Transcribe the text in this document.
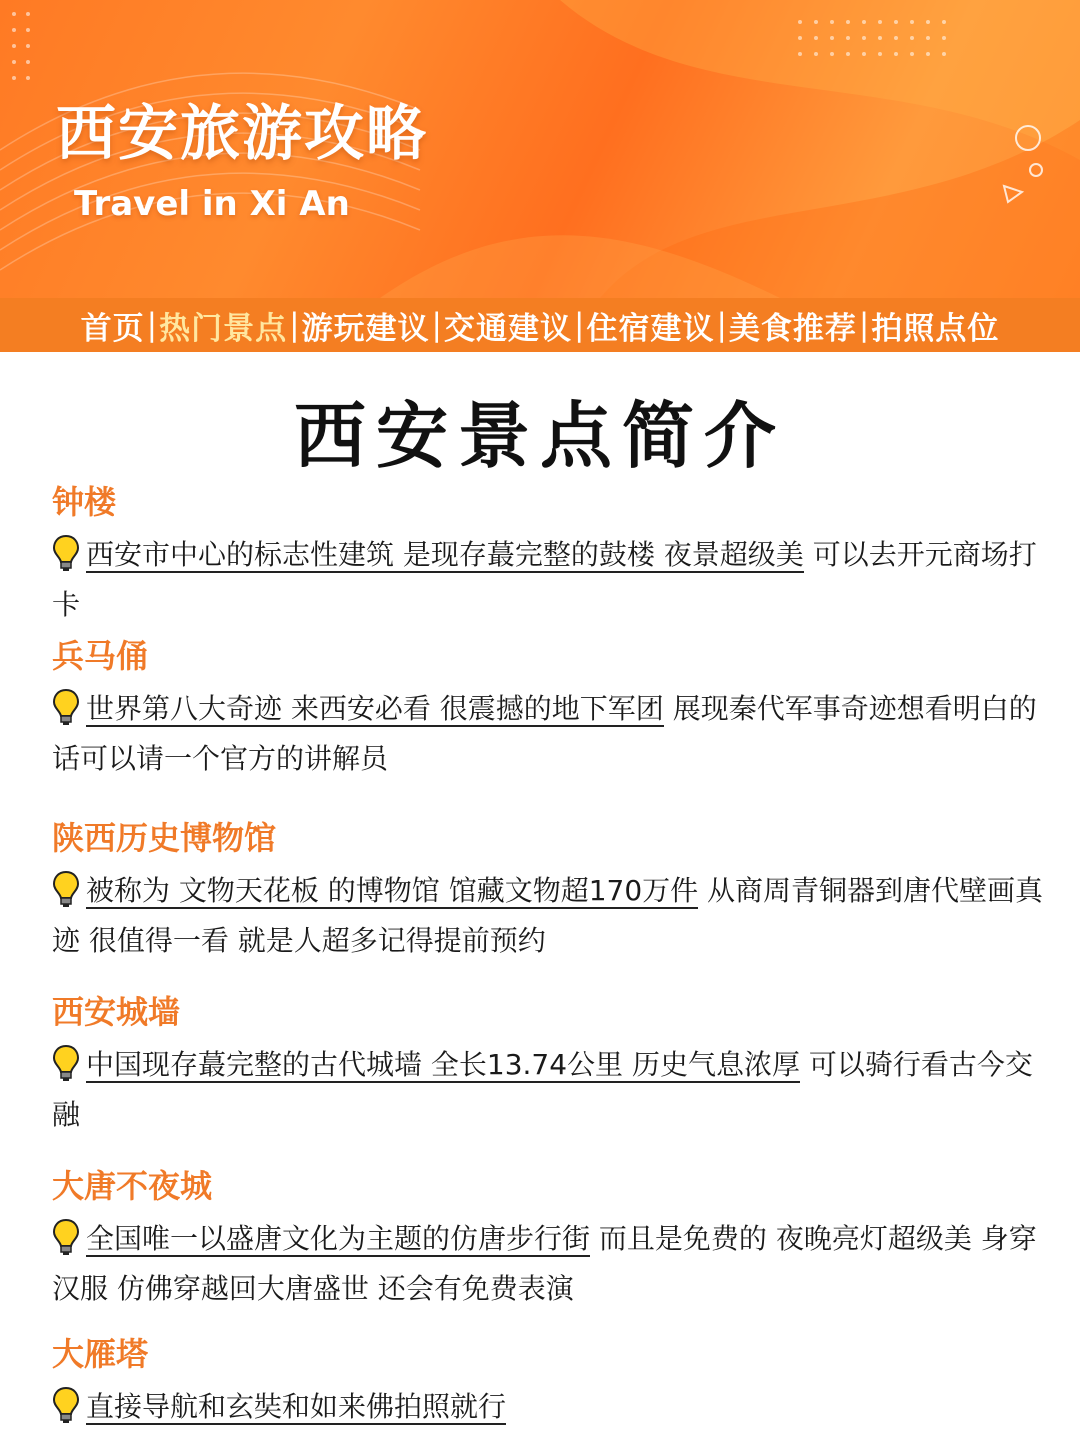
西安旅游攻略
Travel in Xi An
首页 | 热门景点 | 游玩建议 | 交通建议 | 住宿建议 | 美食推荐 | 拍照点位
西安景点简介
钟楼

西安市中心的标志性建筑 是现存蕞完整的鼓楼 夜景超级美 可以去开元商场打卡

兵马俑

世界第八大奇迹 来西安必看 很震撼的地下军团 展现秦代军事奇迹想看明白的话可以请一个官方的讲解员

陕西历史博物馆

被称为 文物天花板 的博物馆 馆藏文物超170万件 从商周青铜器到唐代壁画真迹 很值得一看 就是人超多记得提前预约

西安城墙

中国现存蕞完整的古代城墙 全长13.74公里 历史气息浓厚 可以骑行看古今交融

大唐不夜城

全国唯一以盛唐文化为主题的仿唐步行街 而且是免费的 夜晚亮灯超级美 身穿汉服 仿佛穿越回大唐盛世 还会有免费表演

大雁塔

直接导航和玄奘和如来佛拍照就行
